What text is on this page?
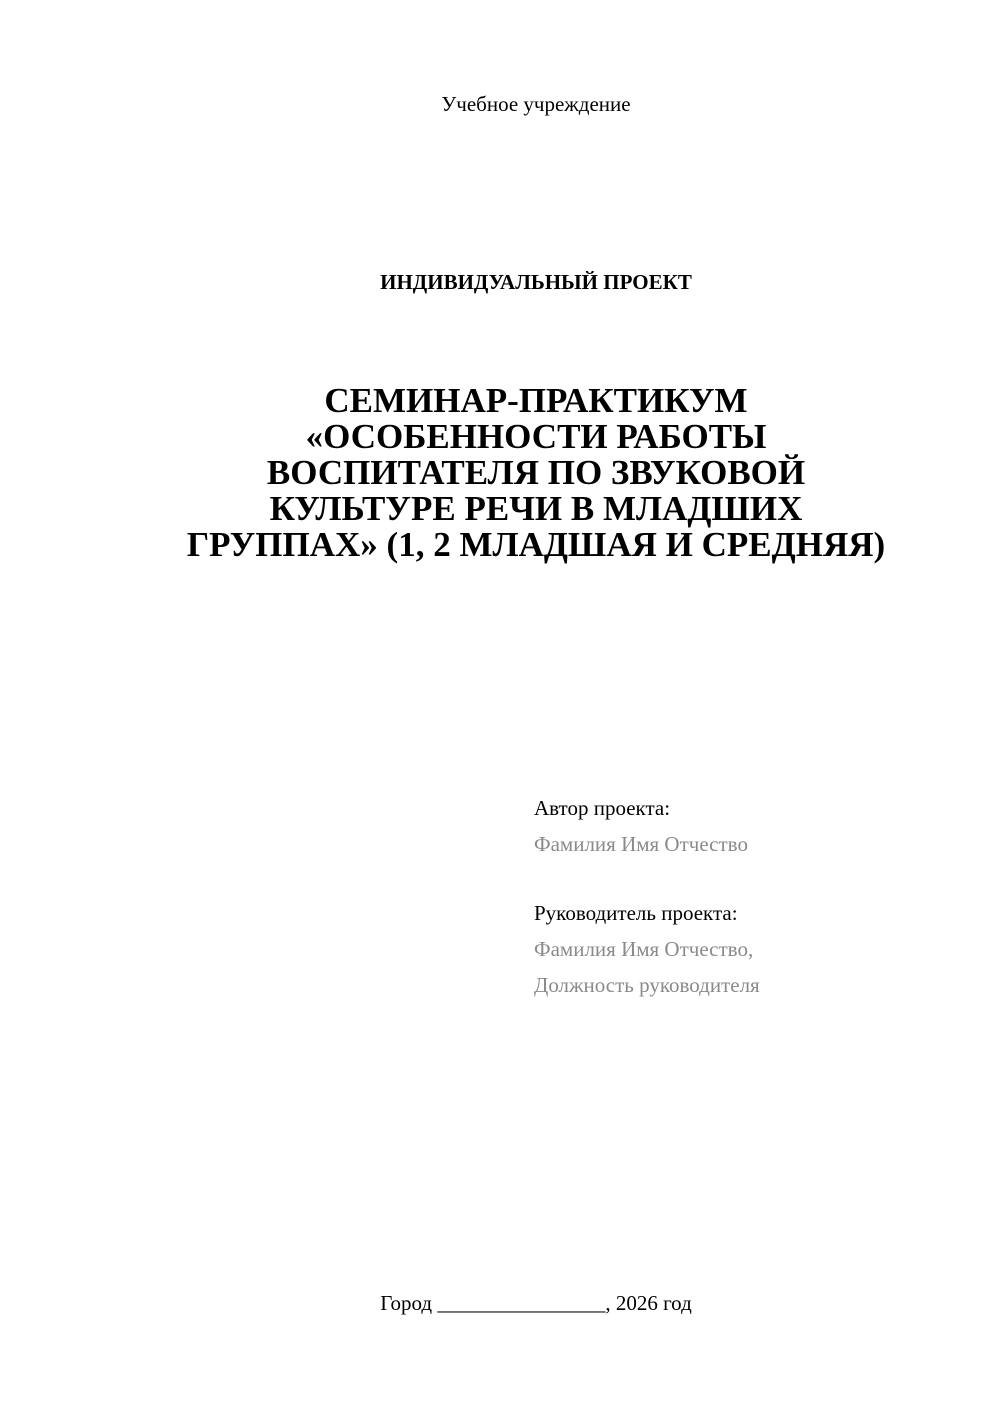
Учебное учреждение
ИНДИВИДУАЛЬНЫЙ ПРОЕКТ
СЕМИНАР-ПРАКТИКУМ
«ОСОБЕННОСТИ РАБОТЫ
ВОСПИТАТЕЛЯ ПО ЗВУКОВОЙ
КУЛЬТУРЕ РЕЧИ В МЛАДШИХ
ГРУППАХ» (1, 2 МЛАДШАЯ И СРЕДНЯЯ)
Автор проекта:
Фамилия Имя Отчество
Руководитель проекта:
Фамилия Имя Отчество,
Должность руководителя
Город ________________, 2026 год
